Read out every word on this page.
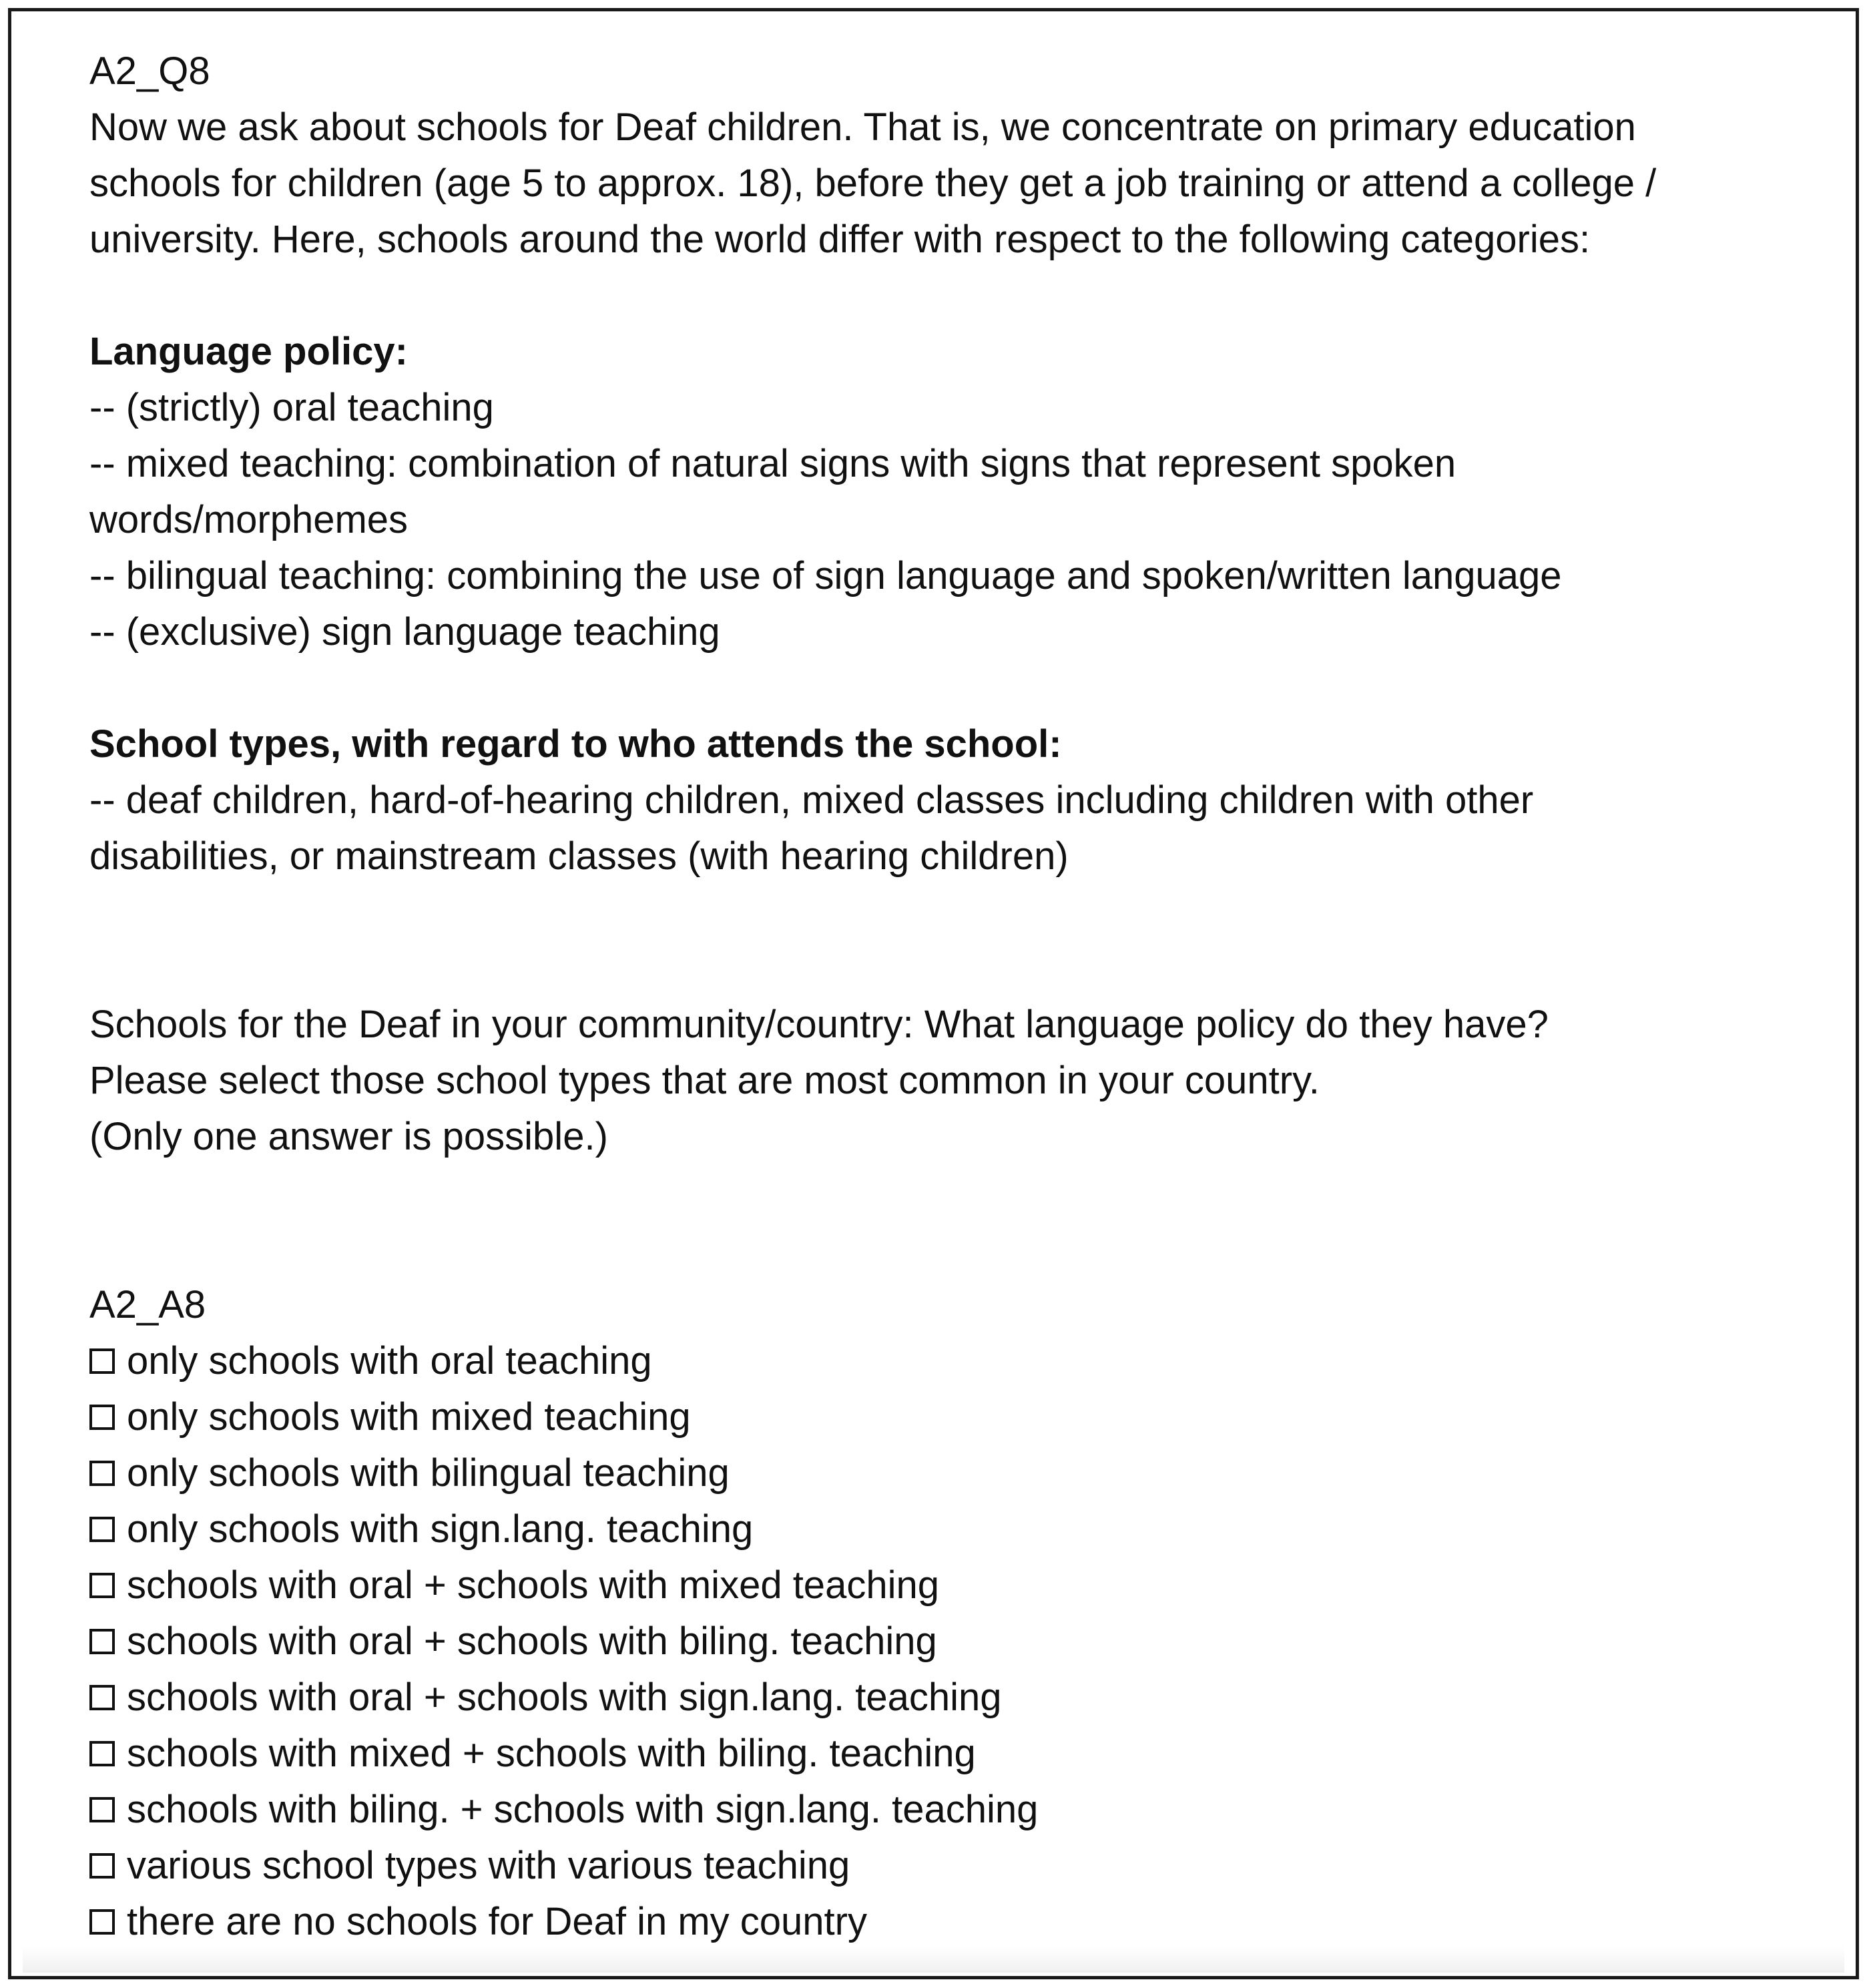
A2_Q8
Now we ask about schools for Deaf children. That is, we concentrate on primary education
schools for children (age 5 to approx. 18), before they get a job training or attend a college /
university. Here, schools around the world differ with respect to the following categories:
Language policy:
-- (strictly) oral teaching
-- mixed teaching: combination of natural signs with signs that represent spoken
words/morphemes
-- bilingual teaching: combining the use of sign language and spoken/written language
-- (exclusive) sign language teaching
School types, with regard to who attends the school:
-- deaf children, hard-of-hearing children, mixed classes including children with other
disabilities, or mainstream classes (with hearing children)
Schools for the Deaf in your community/country: What language policy do they have?
Please select those school types that are most common in your country.
(Only one answer is possible.)
A2_A8
only schools with oral teaching
only schools with mixed teaching
only schools with bilingual teaching
only schools with sign.lang. teaching
schools with oral + schools with mixed teaching
schools with oral + schools with biling. teaching
schools with oral + schools with sign.lang. teaching
schools with mixed + schools with biling. teaching
schools with biling. + schools with sign.lang. teaching
various school types with various teaching
there are no schools for Deaf in my country
